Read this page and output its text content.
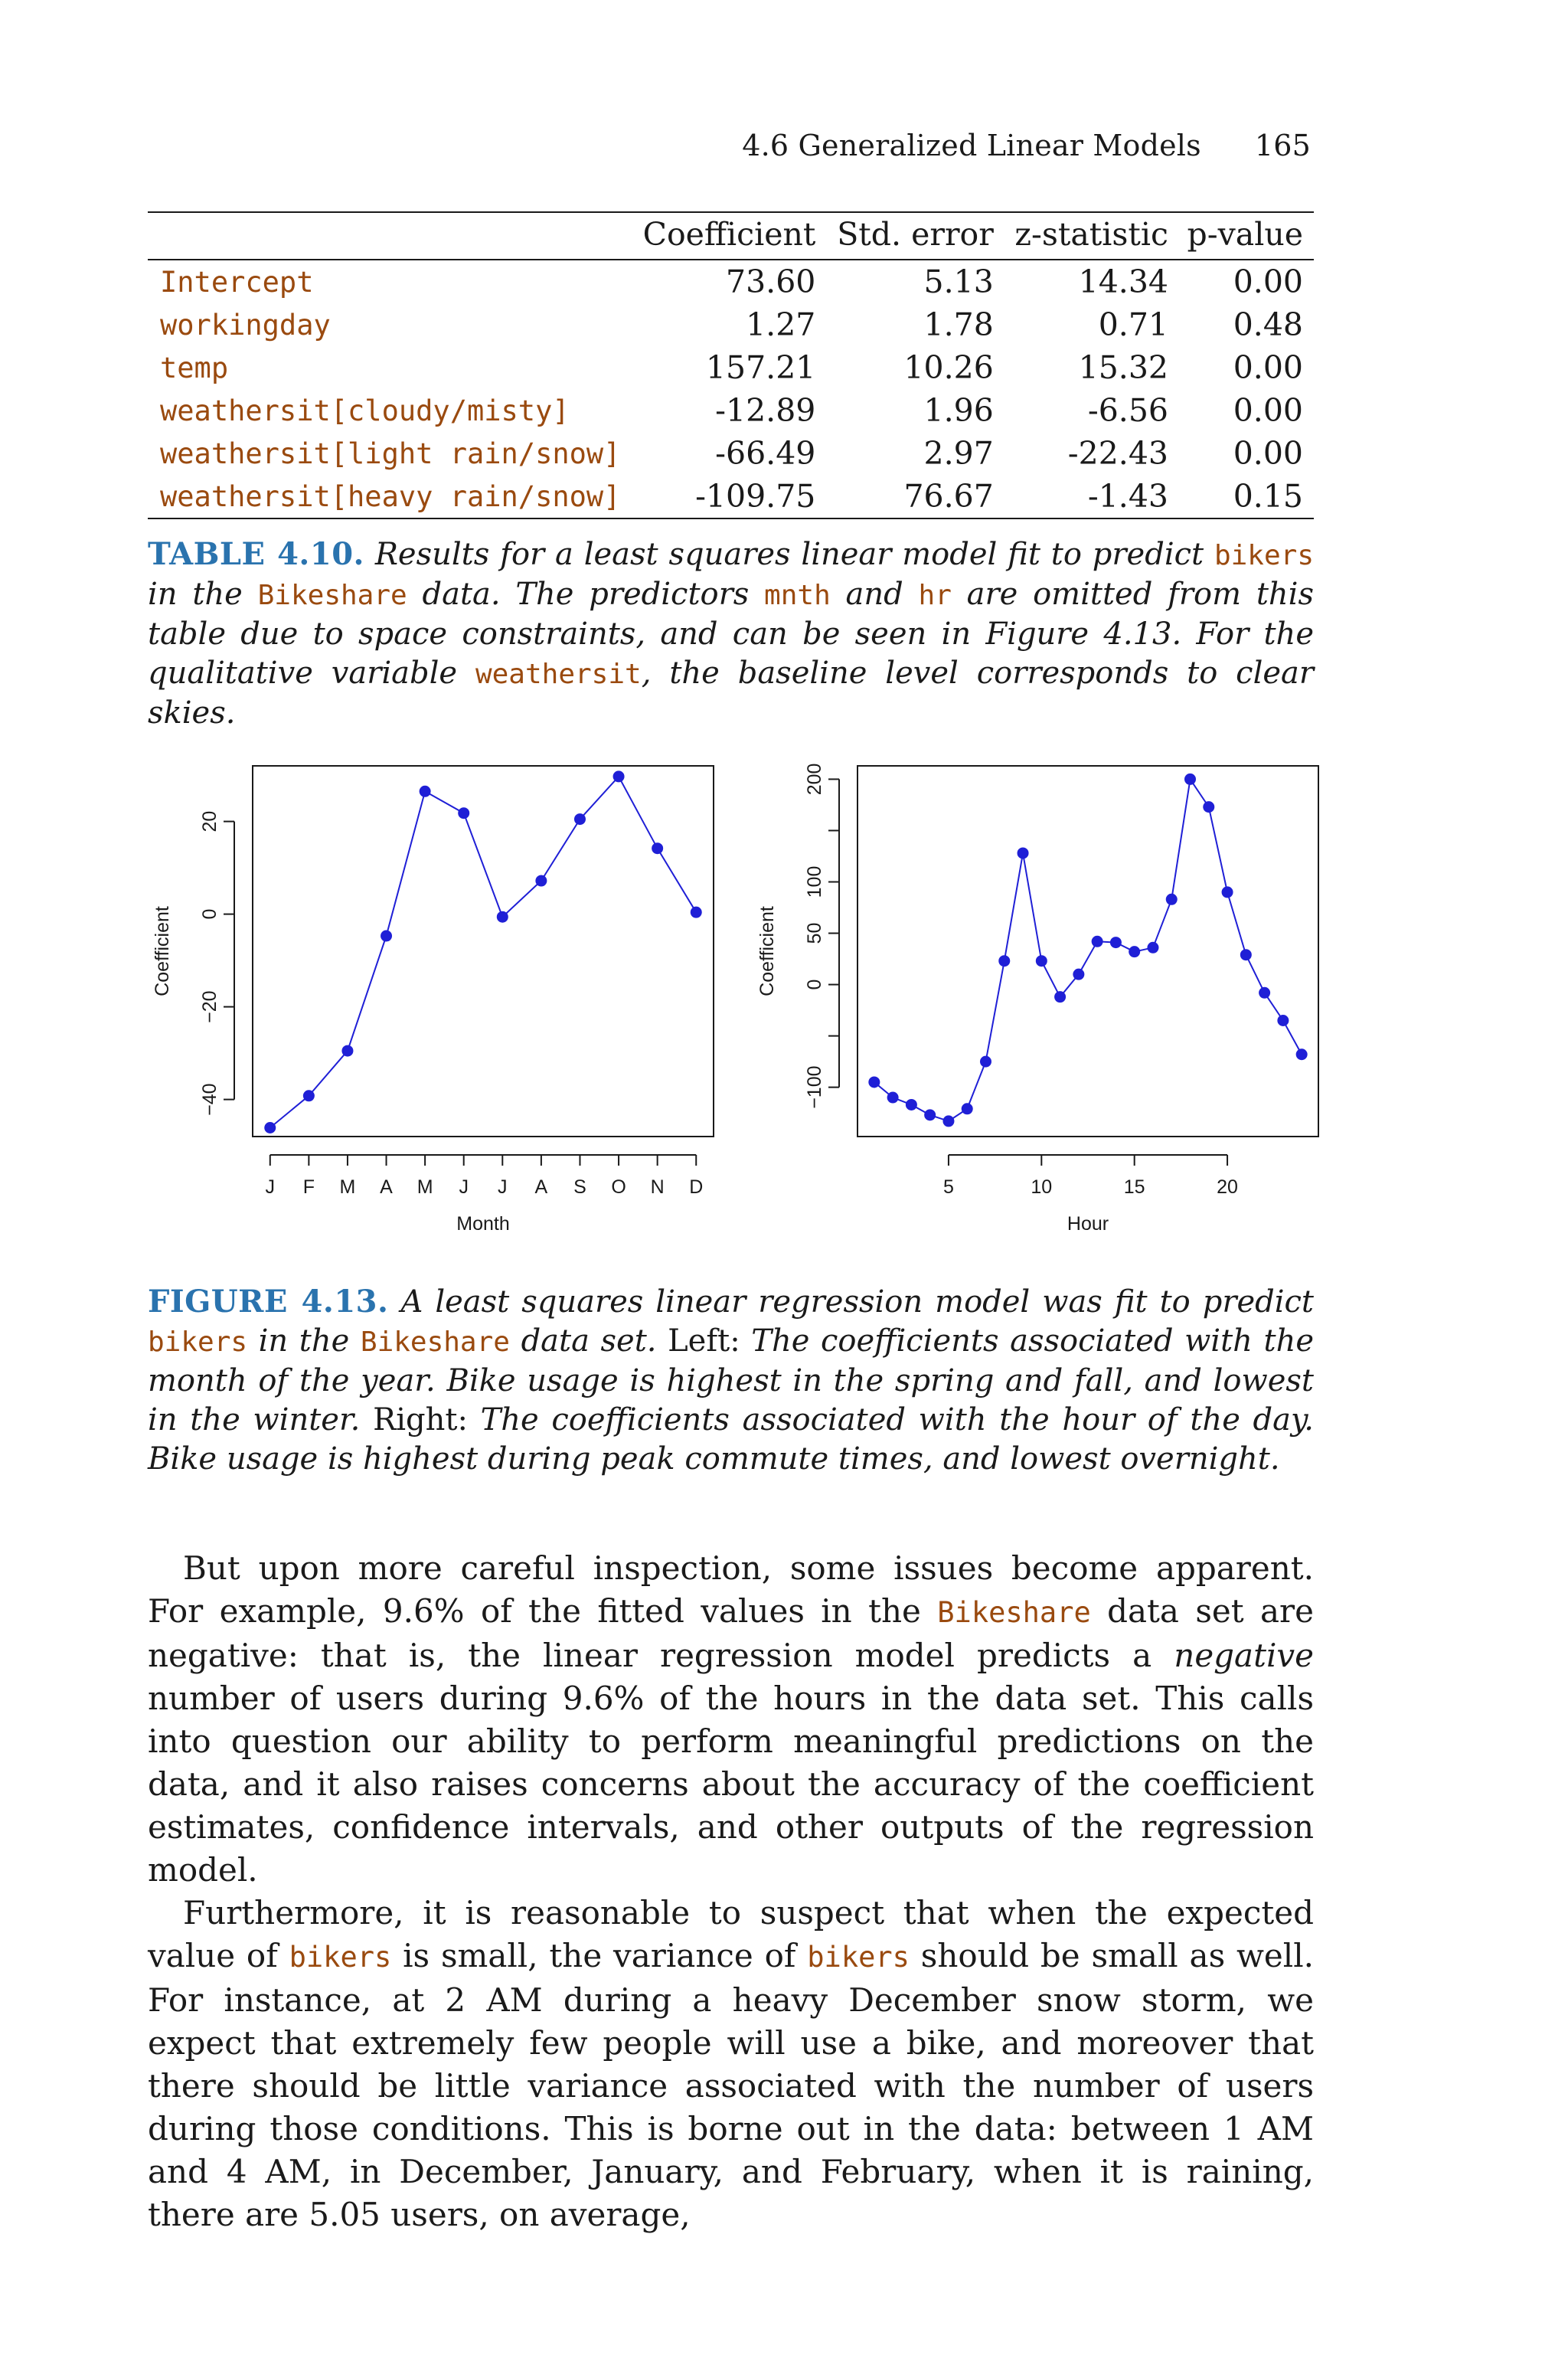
4.6 Generalized Linear Models 165
	Coefficient	Std. error	z-statistic	p-value
Intercept	73.60	5.13	14.34	0.00
workingday	1.27	1.78	0.71	0.48
temp	157.21	10.26	15.32	0.00
weathersit[cloudy/misty]	-12.89	1.96	-6.56	0.00
weathersit[light rain/snow]	-66.49	2.97	-22.43	0.00
weathersit[heavy rain/snow]	-109.75	76.67	-1.43	0.15
TABLE 4.10. Results for a least squares linear model fit to predict bikers in the Bikeshare data. The predictors mnth and hr are omitted from this table due to space constraints, and can be seen in Figure 4.13. For the qualitative variable weathersit, the baseline level corresponds to clear skies.
−40
−20
0
20
J F M A M J J A S O N D
Month
Coefficient
−100
0
50
100
200
5	10	15	20
Hour
Coefficient
FIGURE 4.13. A least squares linear regression model was fit to predict bikers in the Bikeshare data set. Left: The coefficients associated with the month of the year. Bike usage is highest in the spring and fall, and lowest in the winter. Right: The coefficients associated with the hour of the day. Bike usage is highest during peak commute times, and lowest overnight.

But upon more careful inspection, some issues become apparent. For example, 9.6% of the fitted values in the Bikeshare data set are negative: that is, the linear regression model predicts a negative number of users during 9.6% of the hours in the data set. This calls into question our ability to perform meaningful predictions on the data, and it also raises concerns about the accuracy of the coefficient estimates, confidence intervals, and other outputs of the regression model.

Furthermore, it is reasonable to suspect that when the expected value of bikers is small, the variance of bikers should be small as well. For instance, at 2 AM during a heavy December snow storm, we expect that extremely few people will use a bike, and moreover that there should be little variance associated with the number of users during those conditions. This is borne out in the data: between 1 AM and 4 AM, in December, January, and February, when it is raining, there are 5.05 users, on average,
